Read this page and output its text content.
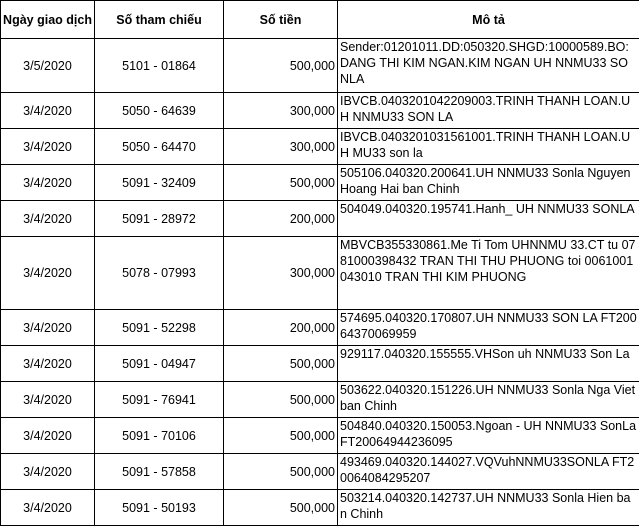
Ngày giao dịch	Số tham chiếu	Số tiền	Mô tả
3/5/2020	5101 - 01864	500,000	Sender:01201011.DD:050320.SHGD:10000589.BO:DANG THI KIM NGAN.KIM NGAN UH NNMU33 SONLA
3/4/2020	5050 - 64639	300,000	IBVCB.0403201042209003.TRINH THANH LOAN.UH NNMU33 SON LA
3/4/2020	5050 - 64470	300,000	IBVCB.0403201031561001.TRINH THANH LOAN.UH MU33 son la
3/4/2020	5091 - 32409	500,000	505106.040320.200641.UH NNMU33 Sonla Nguyen Hoang Hai ban Chinh
3/4/2020	5091 - 28972	200,000	504049.040320.195741.Hanh_ UH NNMU33 SONLA
3/4/2020	5078 - 07993	300,000	MBVCB355330861.Me Ti Tom UHNNMU 33.CT tu 0781000398432 TRAN THI THU PHUONG toi 0061001043010 TRAN THI KIM PHUONG
3/4/2020	5091 - 52298	200,000	574695.040320.170807.UH NNMU33 SON LA FT20064370069959
3/4/2020	5091 - 04947	500,000	929117.040320.155555.VHSon uh NNMU33 Son La
3/4/2020	5091 - 76941	500,000	503622.040320.151226.UH NNMU33 Sonla Nga Viet ban Chinh
3/4/2020	5091 - 70106	500,000	504840.040320.150053.Ngoan - UH NNMU33 SonLa FT20064944236095
3/4/2020	5091 - 57858	500,000	493469.040320.144027.VQVuhNNMU33SONLA FT20064084295207
3/4/2020	5091 - 50193	500,000	503214.040320.142737.UH NNMU33 Sonla Hien ban Chinh
